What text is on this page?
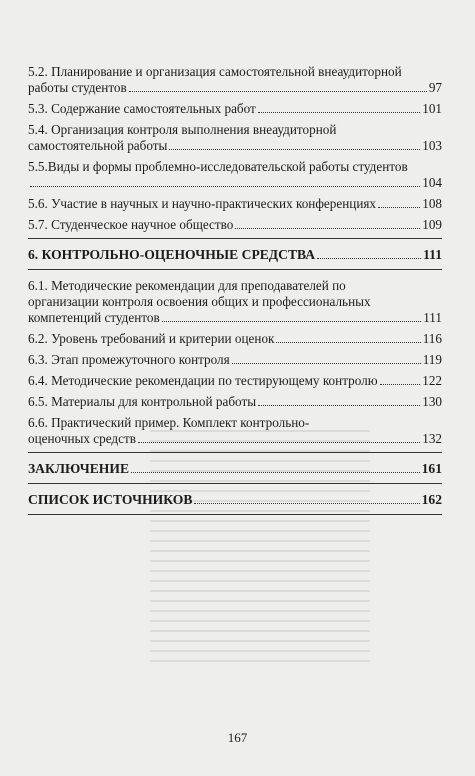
5.2. Планирование и организация самостоятельной внеаудиторной
работы студентов	97
5.3. Содержание самостоятельных работ	101
5.4. Организация контроля выполнения внеаудиторной
самостоятельной работы	103
5.5.Виды и формы проблемно-исследовательской работы студентов
104
5.6. Участие в научных и научно-практических конференциях	108
5.7. Студенческое научное общество	109
6. КОНТРОЛЬНО-ОЦЕНОЧНЫЕ СРЕДСТВА	111
6.1. Методические рекомендации для преподавателей по
организации контроля освоения общих и профессиональных
компетенций студентов	111
6.2. Уровень требований и критерии оценок	116
6.3. Этап промежуточного контроля	119
6.4. Методические рекомендации по тестирующему контролю	122
6.5. Материалы для контрольной работы	130
6.6. Практический пример. Комплект контрольно-
оценочных средств	132
ЗАКЛЮЧЕНИЕ	161
СПИСОК ИСТОЧНИКОВ	162
167
